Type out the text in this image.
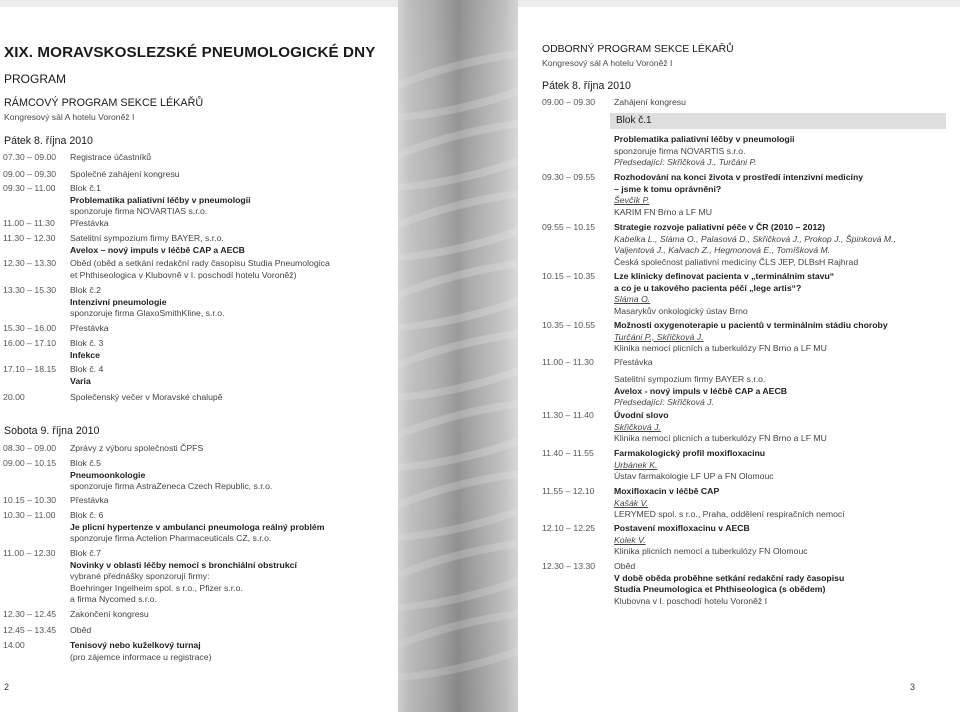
XIX. MORAVSKOSLEZSKÉ PNEUMOLOGICKÉ DNY
PROGRAM
RÁMCOVÝ PROGRAM SEKCE LÉKAŘŮ
Kongresový sál A hotelu Voroněž I
Pátek 8. října 2010
07.30 – 09.00 Registrace účastníků
09.00 – 09.30 Společné zahájení kongresu
09.30 – 11.00 Blok č.1
Problematika paliativní léčby v pneumologii
sponzoruje firma NOVARTIAS s.r.o.
11.00 – 11.30 Přestávka
11.30 – 12.30 Satelitní sympozium firmy BAYER, s.r.o.
Avelox – nový impuls v léčbě CAP a AECB
12.30 – 13.30 Oběd (oběd a setkání redakční rady časopisu Studia Pneumologica
et Phthiseologica v Klubovně v I. poschodí hotelu Voroněž)
13.30 – 15.30 Blok č.2
Intenzivní pneumologie
sponzoruje firma GlaxoSmithKline, s.r.o.
15.30 – 16.00 Přestávka
16.00 – 17.10 Blok č. 3
Infekce
17.10 – 18.15 Blok č. 4
Varia
20.00	Společenský večer v Moravské chalupě
Sobota 9. října 2010
08.30 – 09.00 Zprávy z výboru společnosti ČPFS
09.00 – 10.15 Blok č.5
Pneumoonkologie
sponzoruje firma AstraZeneca Czech Republic, s.r.o.
10.15 – 10.30 Přestávka
10.30 – 11.00 Blok č. 6
Je plicní hypertenze v ambulanci pneumologa reálný problém
sponzoruje firma Actelion Pharmaceuticals CZ, s.r.o.
11.00 – 12.30 Blok č.7
Novinky v oblasti léčby nemocí s bronchiální obstrukcí
vybrané přednášky sponzorují firmy:
Boehringer Ingelheim spol. s r.o., Pfizer s.r.o.
a firma Nycomed s.r.o.
12.30 – 12.45 Zakončení kongresu
12.45 – 13.45 Oběd
14.00	Tenisový nebo kuželkový turnaj
(pro zájemce informace u registrace)
2
ODBORNÝ PROGRAM SEKCE LÉKAŘŮ
Kongresový sál A hotelu Voroněž I
Pátek 8. října 2010
09.00 – 09.30 Zahájení kongresu
Blok č.1
Problematika paliativní léčby v pneumologii
sponzoruje firma NOVARTIS s.r.o.
Předsedající: Skřičková J., Turčáni P.
09.30 – 09.55 Rozhodování na konci života v prostředí intenzivní medicíny
– jsme k tomu oprávněni?
Ševčík P.
KARIM FN Brno a LF MU
09.55 – 10.15 Strategie rozvoje paliativní péče v ČR (2010 – 2012)
Kabelka L., Sláma O., Palasová D., Skřičková J., Prokop J., Špinková M.,
Valjentová J., Kalvach Z., Hegmonová E., Tomíšková M.
Česká společnost paliativní medicíny ČLS JEP, DLBsH Rajhrad
10.15 – 10.35 Lze klinicky definovat pacienta v „terminálním stavu“
a co je u takového pacienta péčí „lege artis“?
Sláma O.
Masarykův onkologický ústav Brno
10.35 – 10.55 Možnosti oxygenoterapie u pacientů v terminálním stádiu choroby
Turčáni P., Skřičková J.
Klinika nemocí plicních a tuberkulózy FN Brno a LF MU
11.00 – 11.30 Přestávka
Satelitní sympozium firmy BAYER s.r.o.
Avelox - nový impuls v léčbě CAP a AECB
Předsedající: Skřičková J.
11.30 – 11.40 Úvodní slovo
Skřičková J.
Klinika nemocí plicních a tuberkulózy FN Brno a LF MU
11.40 – 11.55 Farmakologický profil moxifloxacinu
Urbánek K.
Ústav farmakologie LF UP a FN Olomouc
11.55 – 12.10 Moxifloxacin v léčbě CAP
Kašák V.
LERYMED spol. s r.o., Praha, oddělení respiračních nemocí
12.10 – 12.25 Postavení moxifloxacinu v AECB
Kolek V.
Klinika plicních nemocí a tuberkulózy FN Olomouc
12.30 – 13.30 Oběd
V době oběda proběhne setkání redakční rady časopisu
Studia Pneumologica et Phthiseologica (s obědem)
Klubovna v I. poschodí hotelu Voroněž I
3
